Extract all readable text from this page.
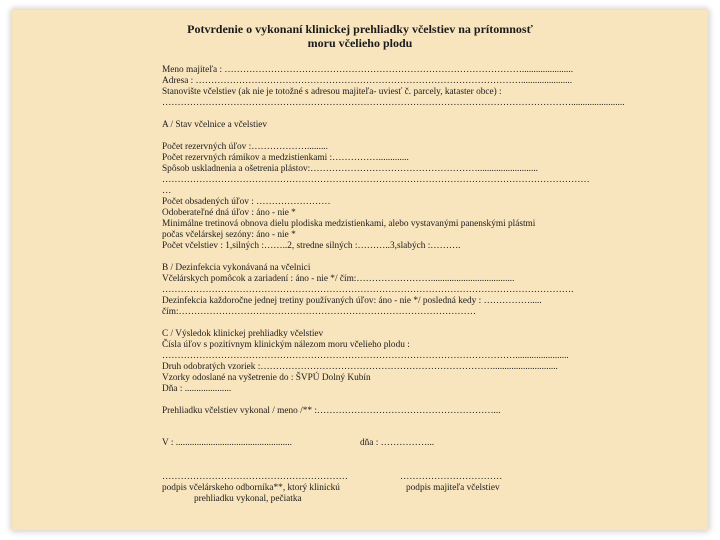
Potvrdenie o vykonaní klinickej prehliadky včelstiev na prítomnosť
moru včelieho plodu
Meno majiteľa : ……………………………………………………………………………………......................
Adresa : ……………………………………………………………………………………………......................
Stanovište včelstiev (ak nie je totožné s adresou majiteľa- uviesť č. parcely, kataster obce) :
…………………………………………………………………………………………………………………….......................
A / Stav včelnice a včelstiev
Počet rezervných úľov :……………….........
Počet rezervných rámikov a medzistienkami :…………….............
Spôsob uskladnenia a ošetrenia plástov:………………………………………………..........................
…………………………………………………………………………………………………………………………
…
Počet obsadených úľov : ……………………
Odoberateľné dná úľov : áno - nie *
Minimálne tretinová obnova dielu plodiska medzistienkami, alebo vystavanými panenskými plástmi
počas včelárskej sezóny: áno - nie *
Počet včelstiev : 1,silných :……..2, stredne silných :………..3,slabých :……….
B / Dezinfekcia vykonávaná na včelnici
Včelárskych pomôcok a zariadení : áno - nie */ čím:……………………....................................
…………………………………………………………………………………………………………………….
Dezinfekcia každoročne jednej tretiny používaných úľov: áno - nie */ posledná kedy : …………….....
čím:……………………………………………………………………………………
C / Výsledok klinickej prehliadky včelstiev
Čísla úľov s pozitívnym klinickým nálezom moru včelieho plodu :
…………………………………………………………………………………………………….......................
Druh odobratých vzoriek :…………………………………………………………………............................
Vzorky odoslané na vyšetrenie do : ŠVPÚ Dolný Kubín
Dňa : ....................
Prehliadku včelstiev vykonal / meno /** :…………………………………………………...
V : ..................................................	dňa : ……………...
……………………………………………………	……………………………
podpis včelárskeho odborníka**, ktorý klinickú	podpis majiteľa včelstiev
prehliadku vykonal, pečiatka
